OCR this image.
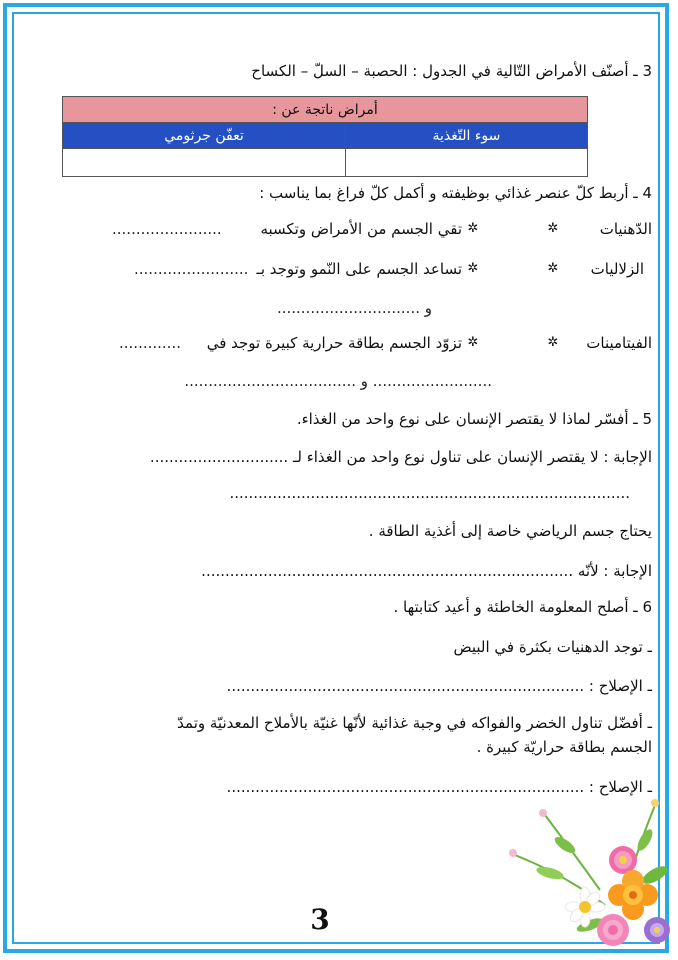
3 ـ أصنّف الأمراض التّالية في الجدول : الحصبة – السلّ – الكساح
أمراض ناتجة عن :	
سوء التّغذية	تعفّن جرثومي

4 ـ أربط كلّ عنصر غذائي بوظيفته و أكمل كلّ فراغ بما يناسب :
الدّهنيات
✲
✲
تقي الجسم من الأمراض وتكسبه
.......................
الزلاليات
✲
✲
تساعد الجسم على النّمو وتوجد بـ
........................
و ..............................
الفيتامينات
✲
✲
تزوّد الجسم بطاقة حرارية كبيرة توجد في
.............
......................... و ....................................
5 ـ أفسّر لماذا لا يقتصر الإنسان على نوع واحد من الغذاء.
الإجابة : لا يقتصر الإنسان على تناول نوع واحد من الغذاء لـ .............................
....................................................................................
يحتاج جسم الرياضي خاصة إلى أغذية الطاقة .
الإجابة : لأنّه ..............................................................................
6 ـ أصلح المعلومة الخاطئة و أعيد كتابتها .
ـ توجد الدهنيات بكثرة في البيض
ـ الإصلاح : ...........................................................................
ـ أفضّل تناول الخضر والفواكه في وجبة غذائية لأنّها غنيّة بالأملاح المعدنيّة وتمدّ
الجسم بطاقة حراريّة كبيرة .
ـ الإصلاح : ...........................................................................
3
